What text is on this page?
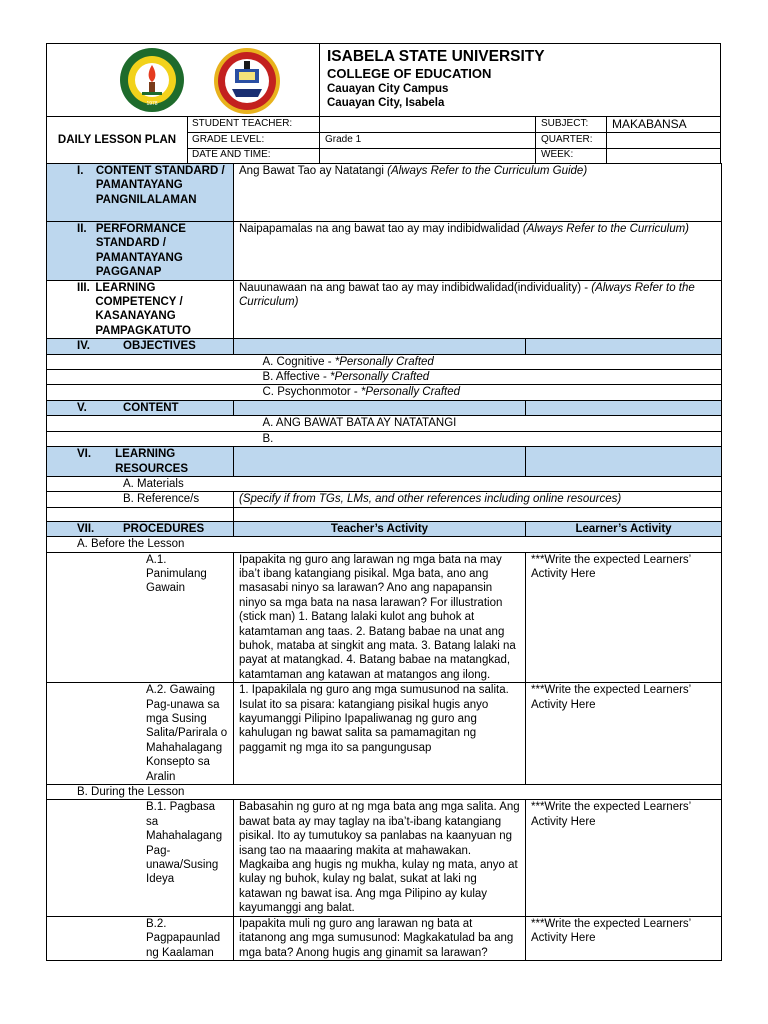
1978
ISABELA STATE UNIVERSITY
COLLEGE OF EDUCATION
Cauayan City Campus
Cauayan City, Isabela
DAILY LESSON PLAN
STUDENT TEACHER:	SUBJECT: MAKABANSA
GRADE LEVEL:	Grade 1	QUARTER:
DATE AND TIME:	WEEK:
I. CONTENT STANDARD / PAMANTAYANG PANGNILALAMAN	Ang Bawat Tao ay Natatangi (Always Refer to the Curriculum Guide)	

II. PERFORMANCE STANDARD / PAMANTAYANG PAGGANAP	Naipapamalas na ang bawat tao ay may indibidwalidad (Always Refer to the Curriculum)	

III. LEARNING COMPETENCY / KASANAYANG PAMPAGKATUTO	Nauunawaan na ang bawat tao ay may indibidwalidad(individuality) - (Always Refer to the Curriculum)	
IV. OBJECTIVES		
	A. Cognitive - *Personally Crafted	
	B. Affective - *Personally Crafted	
	C. Psychonmotor - *Personally Crafted	
V. CONTENT		
	A. ANG BAWAT BATA AY NATATANGI	
	B.	

VI. LEARNING RESOURCES		

A. Materials		
B. Reference/s	(Specify if from TGs, LMs, and other references including online resources)	

VII. PROCEDURES	Teacher’s Activity	Learner’s Activity
A. Before the Lesson		
A.1. Panimulang Gawain	Ipapakita ng guro ang larawan ng mga bata na may iba’t ibang katangiang pisikal. Mga bata, ano ang masasabi ninyo sa larawan? Ano ang napapansin ninyo sa mga bata na nasa larawan? For illustration (stick man) 1. Batang lalaki kulot ang buhok at katamtaman ang taas. 2. Batang babae na unat ang buhok, mataba at singkit ang mata. 3. Batang lalaki na payat at matangkad. 4. Batang babae na matangkad, katamtaman ang katawan at matangos ang ilong.	***Write the expected Learners’ Activity Here
A.2. Gawaing Pag-unawa sa mga Susing Salita/Parirala o Mahahalagang Konsepto sa Aralin	1. Ipapakilala ng guro ang mga sumusunod na salita. Isulat ito sa pisara: katangiang pisikal hugis anyo kayumanggi Pilipino Ipapaliwanag ng guro ang kahulugan ng bawat salita sa pamamagitan ng paggamit ng mga ito sa pangungusap	***Write the expected Learners’ Activity Here
B. During the Lesson		
B.1. Pagbasa sa Mahahalagang Pag-unawa/Susing Ideya	Babasahin ng guro at ng mga bata ang mga salita. Ang bawat bata ay may taglay na iba’t-ibang katangiang pisikal. Ito ay tumutukoy sa panlabas na kaanyuan ng isang tao na maaaring makita at mahawakan. Magkaiba ang hugis ng mukha, kulay ng mata, anyo at kulay ng buhok, kulay ng balat, sukat at laki ng katawan ng bawat isa. Ang mga Pilipino ay kulay kayumanggi ang balat.	***Write the expected Learners’ Activity Here
B.2. Pagpapaunlad ng Kaalaman	Ipapakita muli ng guro ang larawan ng bata at itatanong ang mga sumusunod: Magkakatulad ba ang mga bata? Anong hugis ang ginamit sa larawan?	***Write the expected Learners’ Activity Here
